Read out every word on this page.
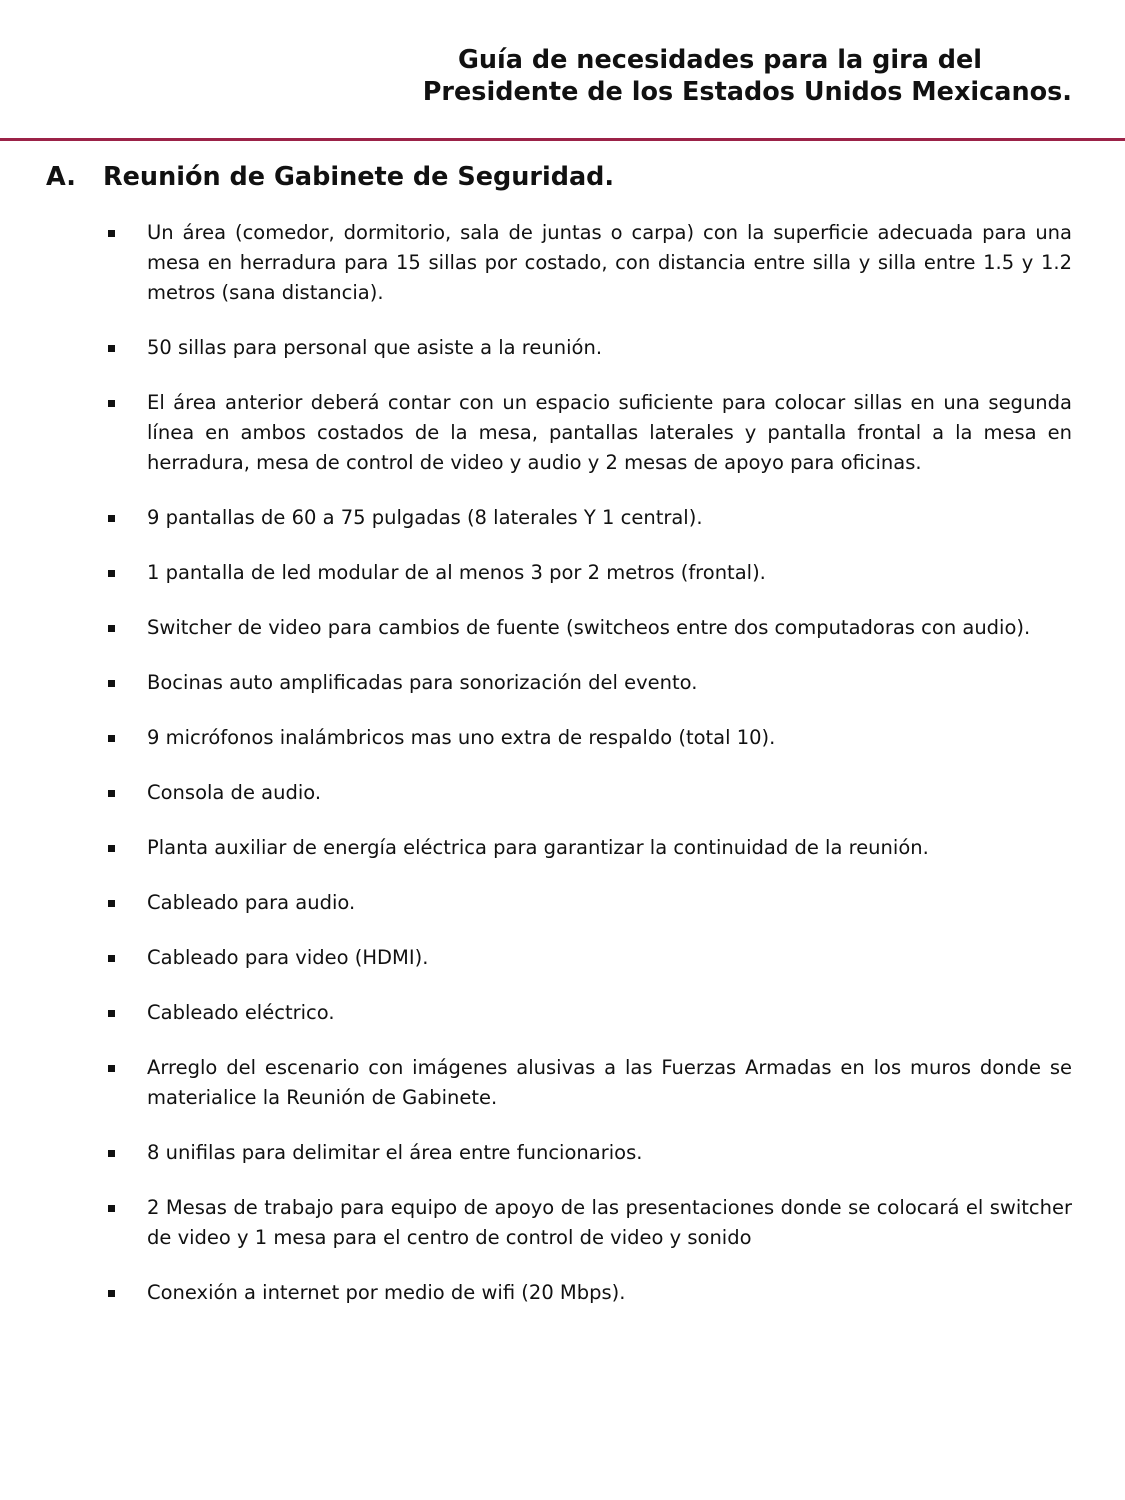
Guía de necesidades para la gira del
Presidente de los Estados Unidos Mexicanos.
A. Reunión de Gabinete de Seguridad.
Un área (comedor, dormitorio, sala de juntas o carpa) con la superficie adecuada para una mesa en herradura para 15 sillas por costado, con distancia entre silla y silla entre 1.5 y 1.2 metros (sana distancia).
50 sillas para personal que asiste a la reunión.
El área anterior deberá contar con un espacio suficiente para colocar sillas en una segunda línea en ambos costados de la mesa, pantallas laterales y pantalla frontal a la mesa en herradura, mesa de control de video y audio y 2 mesas de apoyo para oficinas.
9 pantallas de 60 a 75 pulgadas (8 laterales Y 1 central).
1 pantalla de led modular de al menos 3 por 2 metros (frontal).
Switcher de video para cambios de fuente (switcheos entre dos computadoras con audio).
Bocinas auto amplificadas para sonorización del evento.
9 micrófonos inalámbricos mas uno extra de respaldo (total 10).
Consola de audio.
Planta auxiliar de energía eléctrica para garantizar la continuidad de la reunión.
Cableado para audio.
Cableado para video (HDMI).
Cableado eléctrico.
Arreglo del escenario con imágenes alusivas a las Fuerzas Armadas en los muros donde se materialice la Reunión de Gabinete.
8 unifilas para delimitar el área entre funcionarios.
2 Mesas de trabajo para equipo de apoyo de las presentaciones donde se colocará el switcher de video y 1 mesa para el centro de control de video y sonido
Conexión a internet por medio de wifi (20 Mbps).
